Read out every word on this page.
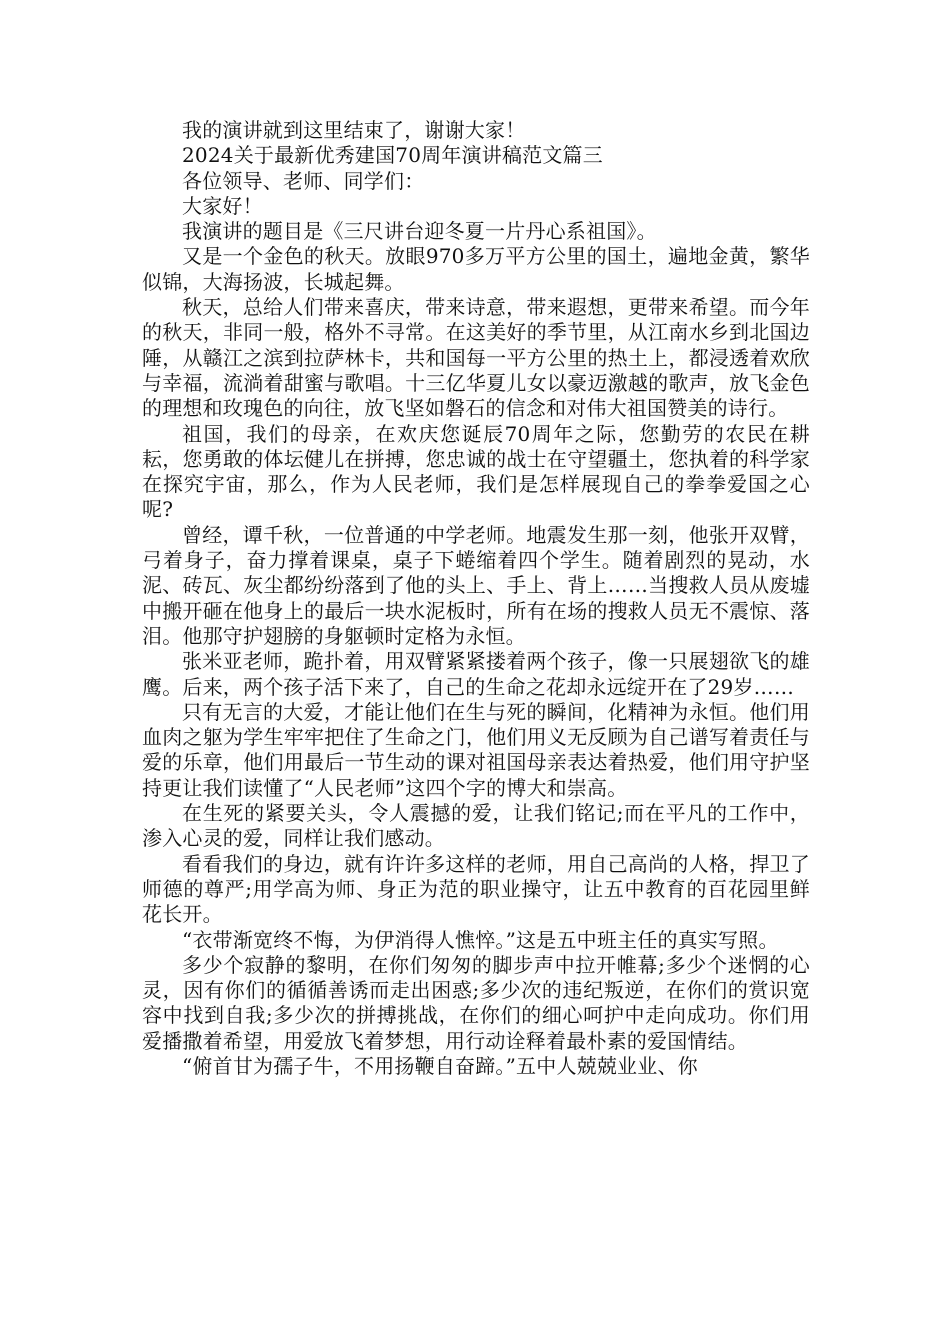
我的演讲就到这里结束了，谢谢大家！

2024关于最新优秀建国70周年演讲稿范文篇三

各位领导、老师、同学们：

大家好！

我演讲的题目是《三尺讲台迎冬夏一片丹心系祖国》。

又是一个金色的秋天。放眼970多万平方公里的国土，遍地金黄，繁华似锦，大海扬波，长城起舞。

秋天，总给人们带来喜庆，带来诗意，带来遐想，更带来希望。而今年的秋天，非同一般，格外不寻常。在这美好的季节里，从江南水乡到北国边陲，从赣江之滨到拉萨林卡，共和国每一平方公里的热土上，都浸透着欢欣与幸福，流淌着甜蜜与歌唱。十三亿华夏儿女以豪迈激越的歌声，放飞金色的理想和玫瑰色的向往，放飞坚如磐石的信念和对伟大祖国赞美的诗行。

祖国，我们的母亲，在欢庆您诞辰70周年之际，您勤劳的农民在耕耘，您勇敢的体坛健儿在拼搏，您忠诚的战士在守望疆土，您执着的科学家在探究宇宙，那么，作为人民老师，我们是怎样展现自己的拳拳爱国之心呢?

曾经，谭千秋，一位普通的中学老师。地震发生那一刻，他张开双臂，弓着身子，奋力撑着课桌，桌子下蜷缩着四个学生。随着剧烈的晃动，水泥、砖瓦、灰尘都纷纷落到了他的头上、手上、背上……当搜救人员从废墟中搬开砸在他身上的最后一块水泥板时，所有在场的搜救人员无不震惊、落泪。他那守护翅膀的身躯顿时定格为永恒。

张米亚老师，跪扑着，用双臂紧紧搂着两个孩子，像一只展翅欲飞的雄鹰。后来，两个孩子活下来了，自己的生命之花却永远绽开在了29岁……

只有无言的大爱，才能让他们在生与死的瞬间，化精神为永恒。他们用血肉之躯为学生牢牢把住了生命之门，他们用义无反顾为自己谱写着责任与爱的乐章，他们用最后一节生动的课对祖国母亲表达着热爱，他们用守护坚持更让我们读懂了“人民老师”这四个字的博大和崇高。

在生死的紧要关头，令人震撼的爱，让我们铭记;而在平凡的工作中，渗入心灵的爱，同样让我们感动。

看看我们的身边，就有许许多这样的老师，用自己高尚的人格，捍卫了师德的尊严;用学高为师、身正为范的职业操守，让五中教育的百花园里鲜花长开。

“衣带渐宽终不悔，为伊消得人憔悴。”这是五中班主任的真实写照。

多少个寂静的黎明，在你们匆匆的脚步声中拉开帷幕;多少个迷惘的心灵，因有你们的循循善诱而走出困惑;多少次的违纪叛逆，在你们的赏识宽容中找到自我;多少次的拼搏挑战，在你们的细心呵护中走向成功。你们用爱播撒着希望，用爱放飞着梦想，用行动诠释着最朴素的爱国情结。

“俯首甘为孺子牛，不用扬鞭自奋蹄。”五中人兢兢业业、你
